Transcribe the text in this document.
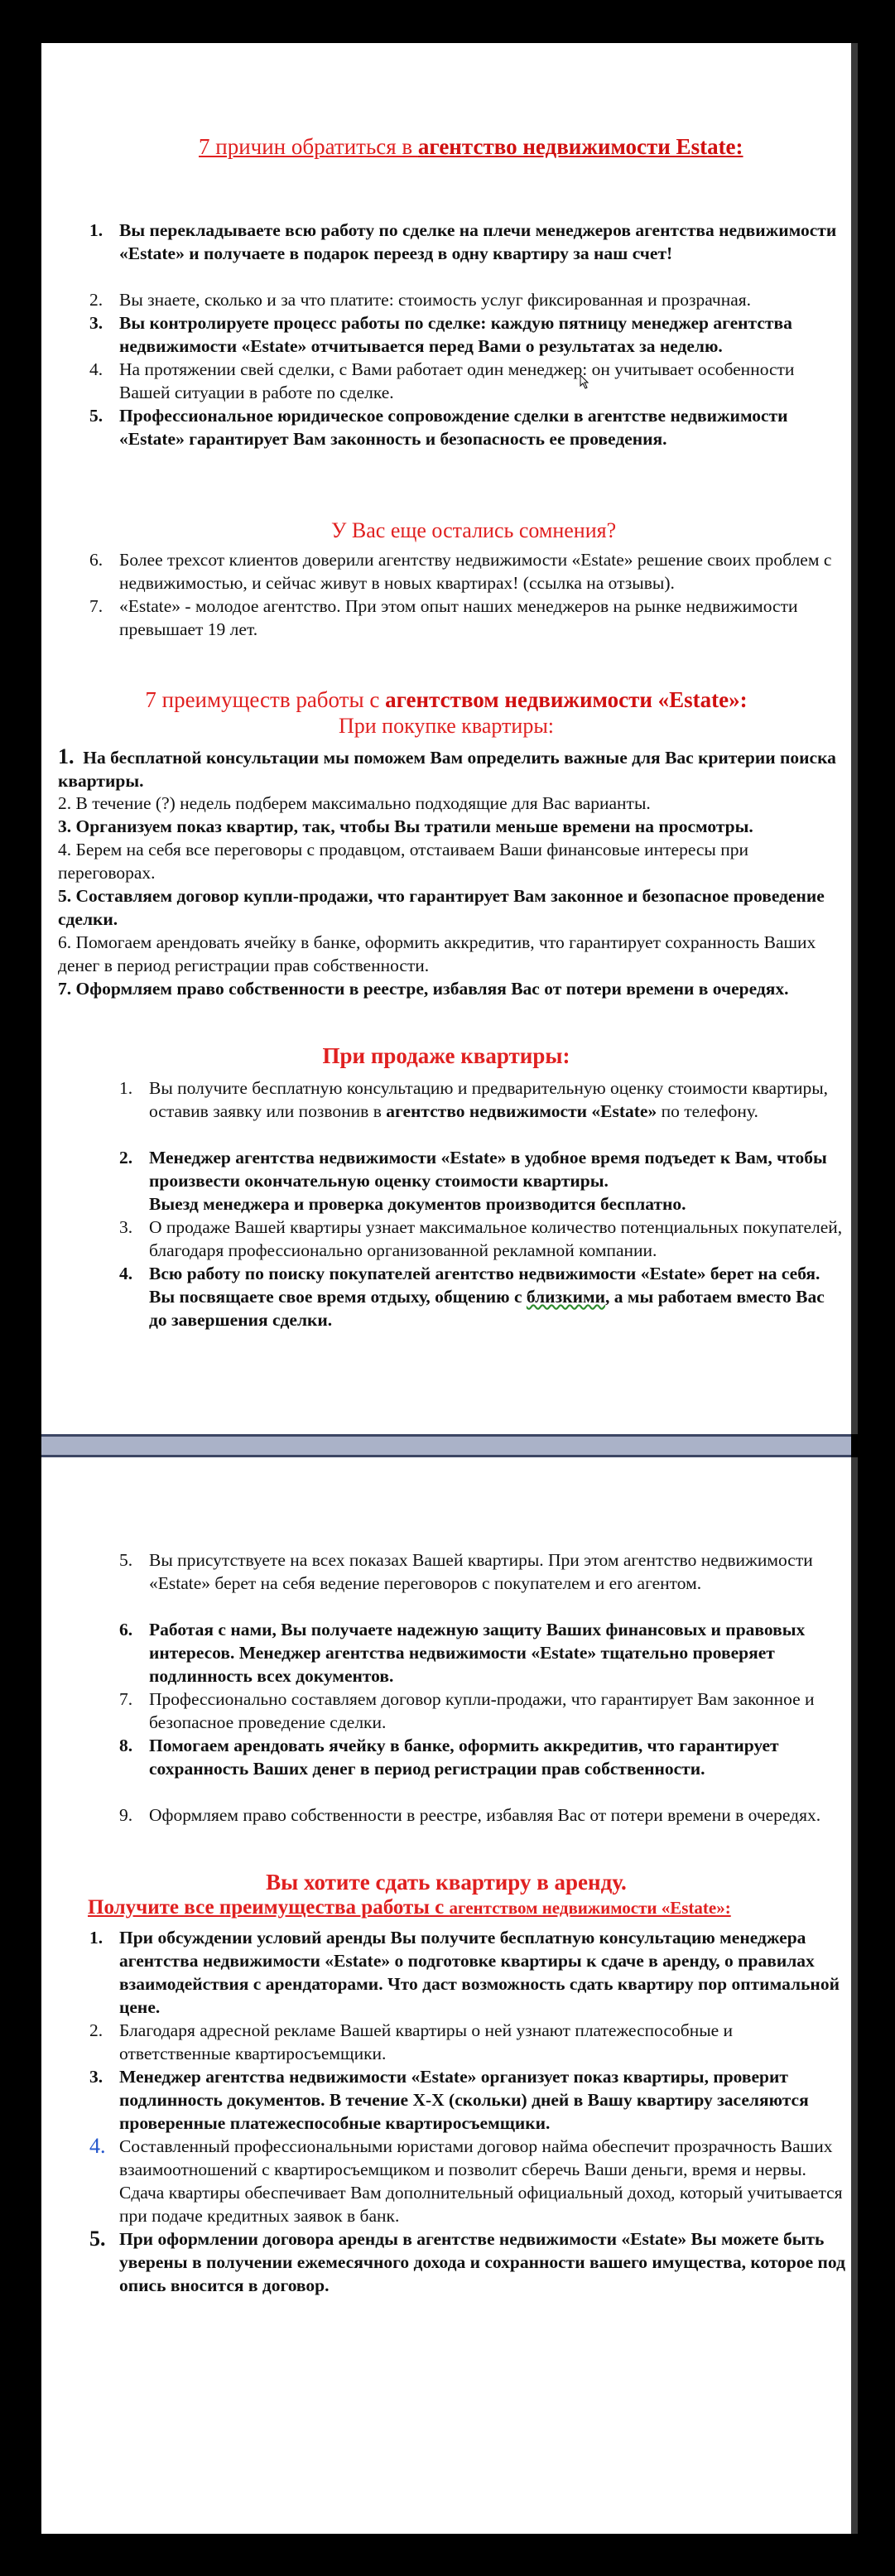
7 причин обратиться в агентство недвижимости Estate:
1. Вы перекладываете всю работу по сделке на плечи менеджеров агентства недвижимости «Estate» и получаете в подарок переезд в одну квартиру за наш счет!
2. Вы знаете, сколько и за что платите: стоимость услуг фиксированная и прозрачная.
3. Вы контролируете процесс работы по сделке: каждую пятницу менеджер агентства недвижимости «Estate» отчитывается перед Вами о результатах за неделю.
4. На протяжении свей сделки, с Вами работает один менеджер: он учитывает особенности Вашей ситуации в работе по сделке.
5. Профессиональное юридическое сопровождение сделки в агентстве недвижимости «Estate» гарантирует Вам законность и безопасность ее проведения.
У Вас еще остались сомнения?
6. Более трехсот клиентов доверили агентству недвижимости «Estate» решение своих проблем с недвижимостью, и сейчас живут в новых квартирах! (ссылка на отзывы).
7. «Estate» - молодое агентство. При этом опыт наших менеджеров на рынке недвижимости превышает 19 лет.
7 преимуществ работы с агентством недвижимости «Estate»:
При покупке квартиры:
1. На бесплатной консультации мы поможем Вам определить важные для Вас критерии поиска квартиры.
2. В течение (?) недель подберем максимально подходящие для Вас варианты.
3. Организуем показ квартир, так, чтобы Вы тратили меньше времени на просмотры.
4. Берем на себя все переговоры с продавцом, отстаиваем Ваши финансовые интересы при переговорах.
5. Составляем договор купли-продажи, что гарантирует Вам законное и безопасное проведение сделки.
6. Помогаем арендовать ячейку в банке, оформить аккредитив, что гарантирует сохранность Ваших денег в период регистрации прав собственности.
7. Оформляем право собственности в реестре, избавляя Вас от потери времени в очередях.
При продаже квартиры:
1. Вы получите бесплатную консультацию и предварительную оценку стоимости квартиры, оставив заявку или позвонив в агентство недвижимости «Estate» по телефону.
2. Менеджер агентства недвижимости «Estate» в удобное время подъедет к Вам, чтобы произвести окончательную оценку стоимости квартиры.
Выезд менеджера и проверка документов производится бесплатно.
3. О продаже Вашей квартиры узнает максимальное количество потенциальных покупателей, благодаря профессионально организованной рекламной компании.
4. Всю работу по поиску покупателей агентство недвижимости «Estate» берет на себя. Вы посвящаете свое время отдыху, общению с близкими, а мы работаем вместо Вас до завершения сделки.
5. Вы присутствуете на всех показах Вашей квартиры. При этом агентство недвижимости «Estate» берет на себя ведение переговоров с покупателем и его агентом.
6. Работая с нами, Вы получаете надежную защиту Ваших финансовых и правовых интересов. Менеджер агентства недвижимости «Estate» тщательно проверяет подлинность всех документов.
7. Профессионально составляем договор купли-продажи, что гарантирует Вам законное и безопасное проведение сделки.
8. Помогаем арендовать ячейку в банке, оформить аккредитив, что гарантирует сохранность Ваших денег в период регистрации прав собственности.
9. Оформляем право собственности в реестре, избавляя Вас от потери времени в очередях.
Вы хотите сдать квартиру в аренду.
Получите все преимущества работы с агентством недвижимости «Estate»:
1. При обсуждении условий аренды Вы получите бесплатную консультацию менеджера агентства недвижимости «Estate» о подготовке квартиры к сдаче в аренду, о правилах взаимодействия с арендаторами. Что даст возможность сдать квартиру пор оптимальной цене.
2. Благодаря адресной рекламе Вашей квартиры о ней узнают платежеспособные и ответственные квартиросъемщики.
3. Менеджер агентства недвижимости «Estate» организует показ квартиры, проверит подлинность документов. В течение Х-Х (скольки) дней в Вашу квартиру заселяются проверенные платежеспособные квартиросъемщики.
4. Составленный профессиональными юристами договор найма обеспечит прозрачность Ваших взаимоотношений с квартиросъемщиком и позволит сберечь Ваши деньги, время и нервы. Сдача квартиры обеспечивает Вам дополнительный официальный доход, который учитывается при подаче кредитных заявок в банк.
5. При оформлении договора аренды в агентстве недвижимости «Estate» Вы можете быть уверены в получении ежемесячного дохода и сохранности вашего имущества, которое под опись вносится в договор.
